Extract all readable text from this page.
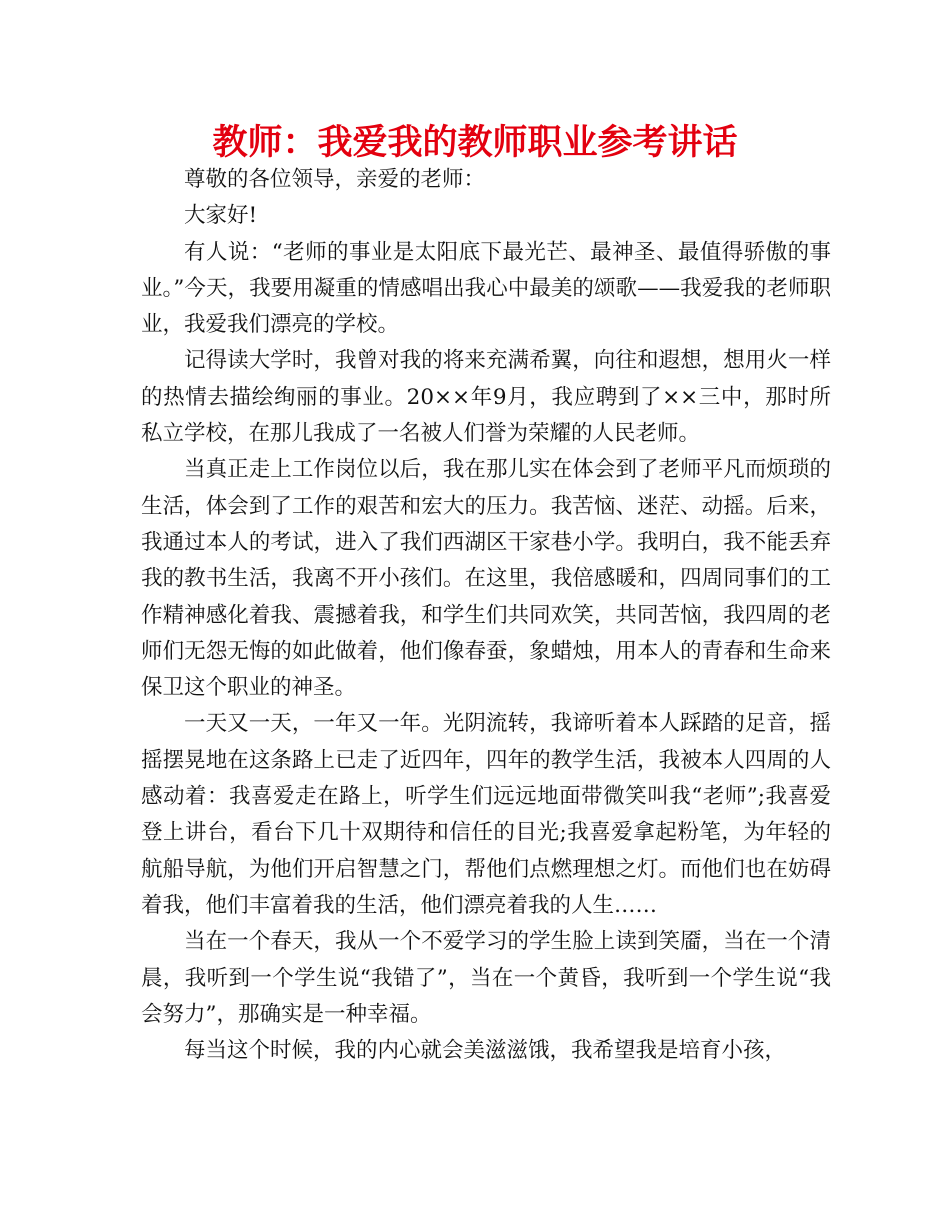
教师：我爱我的教师职业参考讲话

尊敬的各位领导，亲爱的老师：

大家好!

有人说：“老师的事业是太阳底下最光芒、最神圣、最值得骄傲的事业。”今天，我要用凝重的情感唱出我心中最美的颂歌——我爱我的老师职业，我爱我们漂亮的学校。

记得读大学时，我曾对我的将来充满希翼，向往和遐想，想用火一样的热情去描绘绚丽的事业。20××年9月，我应聘到了××三中，那时所私立学校，在那儿我成了一名被人们誉为荣耀的人民老师。

当真正走上工作岗位以后，我在那儿实在体会到了老师平凡而烦琐的生活，体会到了工作的艰苦和宏大的压力。我苦恼、迷茫、动摇。后来，我通过本人的考试，进入了我们西湖区干家巷小学。我明白，我不能丢弃我的教书生活，我离不开小孩们。在这里，我倍感暖和，四周同事们的工作精神感化着我、震撼着我，和学生们共同欢笑，共同苦恼，我四周的老师们无怨无悔的如此做着，他们像春蚕，象蜡烛，用本人的青春和生命来保卫这个职业的神圣。

一天又一天，一年又一年。光阴流转，我谛听着本人踩踏的足音，摇摇摆晃地在这条路上已走了近四年，四年的教学生活，我被本人四周的人感动着：我喜爱走在路上，听学生们远远地面带微笑叫我“老师”;我喜爱登上讲台，看台下几十双期待和信任的目光;我喜爱拿起粉笔，为年轻的航船导航，为他们开启智慧之门，帮他们点燃理想之灯。而他们也在妨碍着我，他们丰富着我的生活，他们漂亮着我的人生……

当在一个春天，我从一个不爱学习的学生脸上读到笑靥，当在一个清晨，我听到一个学生说“我错了”，当在一个黄昏，我听到一个学生说“我会努力”，那确实是一种幸福。

每当这个时候，我的内心就会美滋滋饿，我希望我是培育小孩，
